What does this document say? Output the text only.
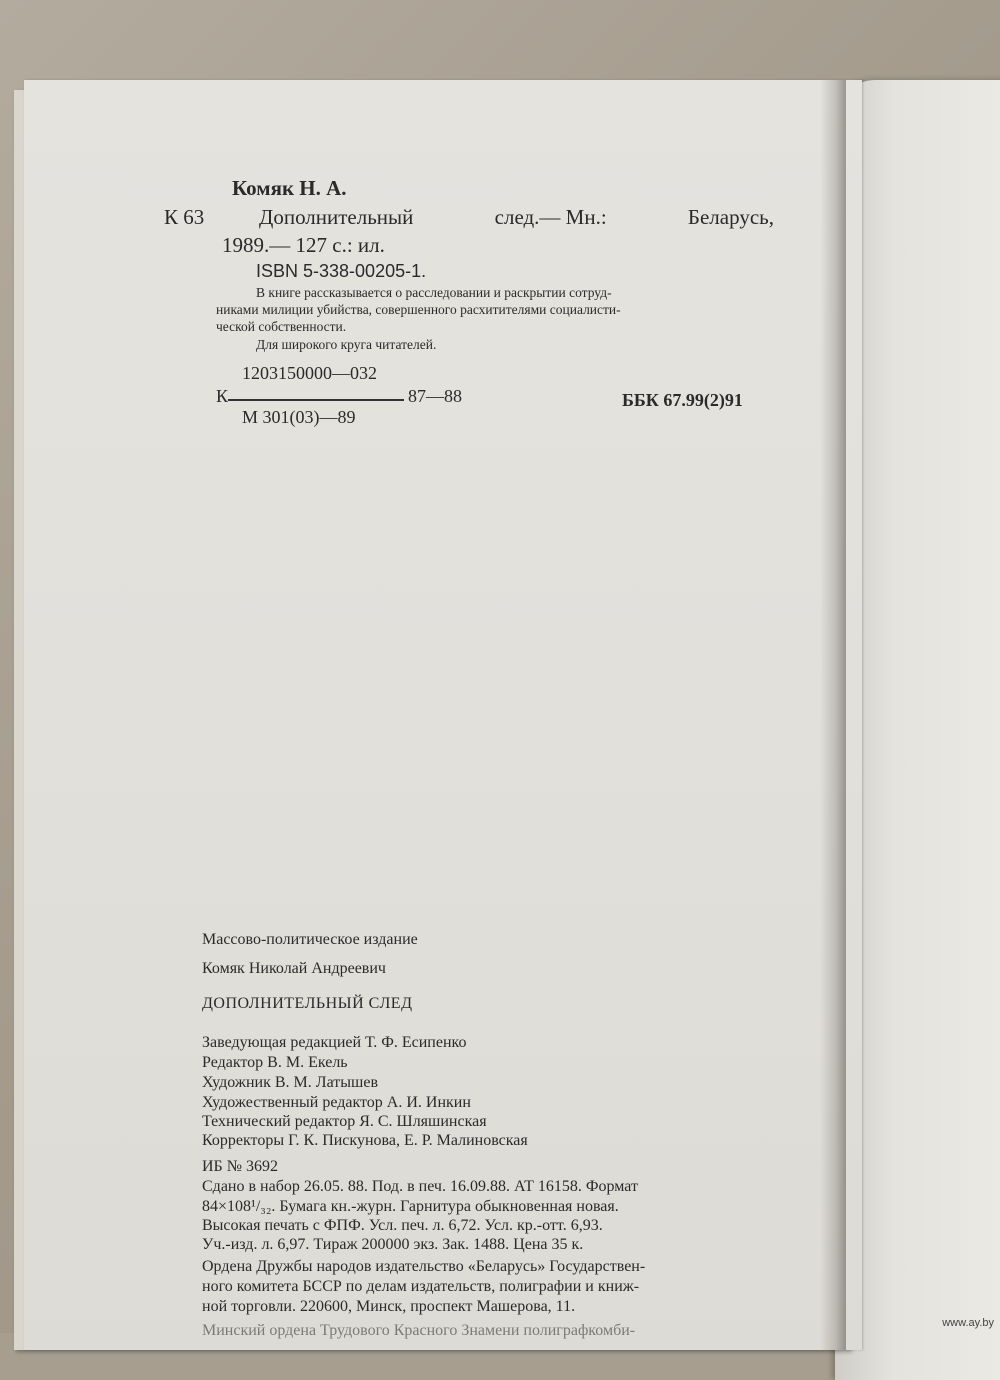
Комяк Н. А.
К 63	Дополнительный	след.— Мн.:	Беларусь,
1989.— 127 с.: ил.
ISBN 5-338-00205-1.
В книге рассказывается о расследовании и раскрытии сотруд-
никами милиции убийства, совершенного расхитителями социалисти-
ческой собственности.
Для широкого круга читателей.
1203150000—032
К	87—88
М 301(03)—89
ББК 67.99(2)91
Массово-политическое издание
Комяк Николай Андреевич
ДОПОЛНИТЕЛЬНЫЙ СЛЕД
Заведующая редакцией Т. Ф. Есипенко
Редактор В. М. Екель
Художник В. М. Латышев
Художественный редактор А. И. Инкин
Технический редактор Я. С. Шляшинская
Корректоры Г. К. Пискунова, Е. Р. Малиновская
ИБ № 3692
Сдано в набор 26.05. 88. Под. в печ. 16.09.88. АТ 16158. Формат
84×108¹/₃₂. Бумага кн.-журн. Гарнитура обыкновенная новая.
Высокая печать с ФПФ. Усл. печ. л. 6,72. Усл. кр.-отт. 6,93.
Уч.-изд. л. 6,97. Тираж 200000 экз. Зак. 1488. Цена 35 к.
Ордена Дружбы народов издательство «Беларусь» Государствен-
ного комитета БССР по делам издательств, полиграфии и книж-
ной торговли. 220600, Минск, проспект Машерова, 11.
Минский ордена Трудового Красного Знамени полиграфкомби-	www.ay.by
